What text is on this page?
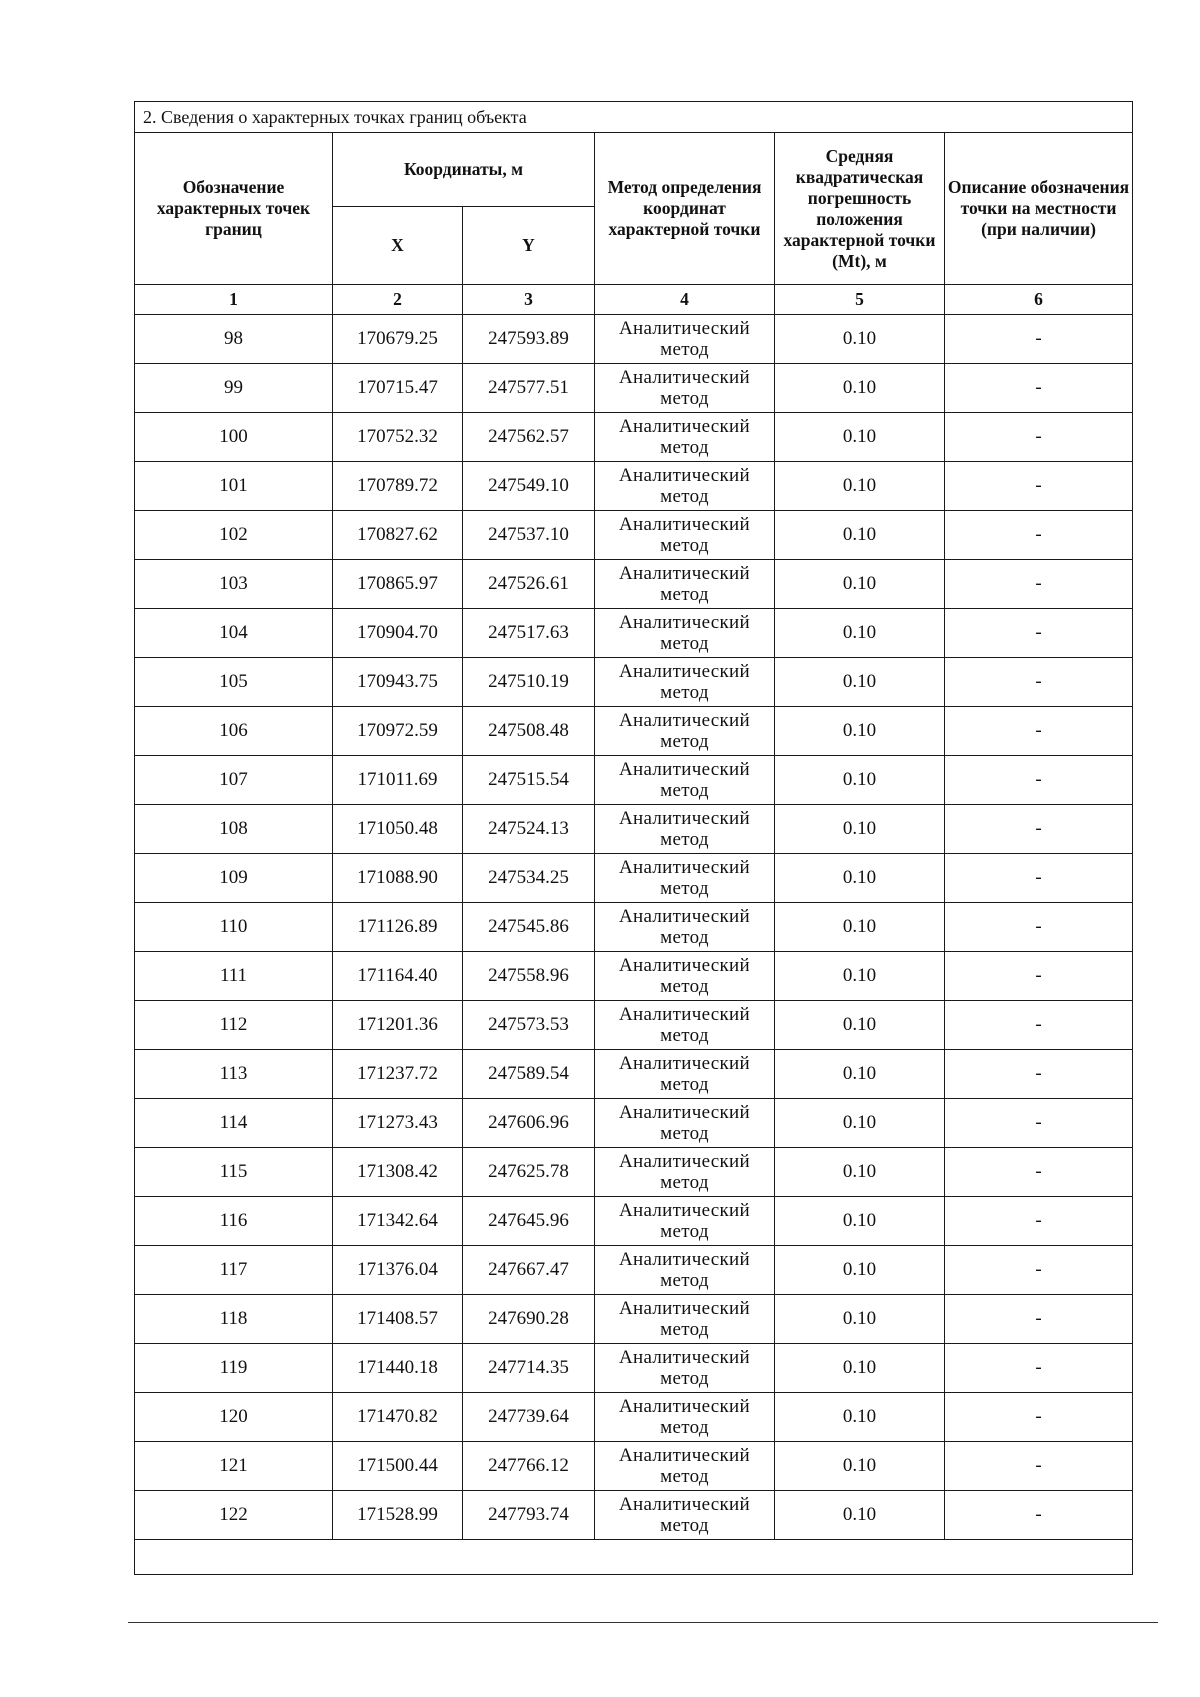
2. Сведения о характерных точках границ объекта					
Обозначение характерных точек границ	Координаты, м		Метод определения координат характерной точки	Средняя квадратическая погрешность положения характерной точки (Mt), м	Описание обозначения точки на местности (при наличии)
	X	Y			
1	2	3	4	5	6
98	170679.25	247593.89	Аналитический метод	0.10	-
99	170715.47	247577.51	Аналитический метод	0.10	-
100	170752.32	247562.57	Аналитический метод	0.10	-
101	170789.72	247549.10	Аналитический метод	0.10	-
102	170827.62	247537.10	Аналитический метод	0.10	-
103	170865.97	247526.61	Аналитический метод	0.10	-
104	170904.70	247517.63	Аналитический метод	0.10	-
105	170943.75	247510.19	Аналитический метод	0.10	-
106	170972.59	247508.48	Аналитический метод	0.10	-
107	171011.69	247515.54	Аналитический метод	0.10	-
108	171050.48	247524.13	Аналитический метод	0.10	-
109	171088.90	247534.25	Аналитический метод	0.10	-
110	171126.89	247545.86	Аналитический метод	0.10	-
111	171164.40	247558.96	Аналитический метод	0.10	-
112	171201.36	247573.53	Аналитический метод	0.10	-
113	171237.72	247589.54	Аналитический метод	0.10	-
114	171273.43	247606.96	Аналитический метод	0.10	-
115	171308.42	247625.78	Аналитический метод	0.10	-
116	171342.64	247645.96	Аналитический метод	0.10	-
117	171376.04	247667.47	Аналитический метод	0.10	-
118	171408.57	247690.28	Аналитический метод	0.10	-
119	171440.18	247714.35	Аналитический метод	0.10	-
120	171470.82	247739.64	Аналитический метод	0.10	-
121	171500.44	247766.12	Аналитический метод	0.10	-
122	171528.99	247793.74	Аналитический метод	0.10	-
